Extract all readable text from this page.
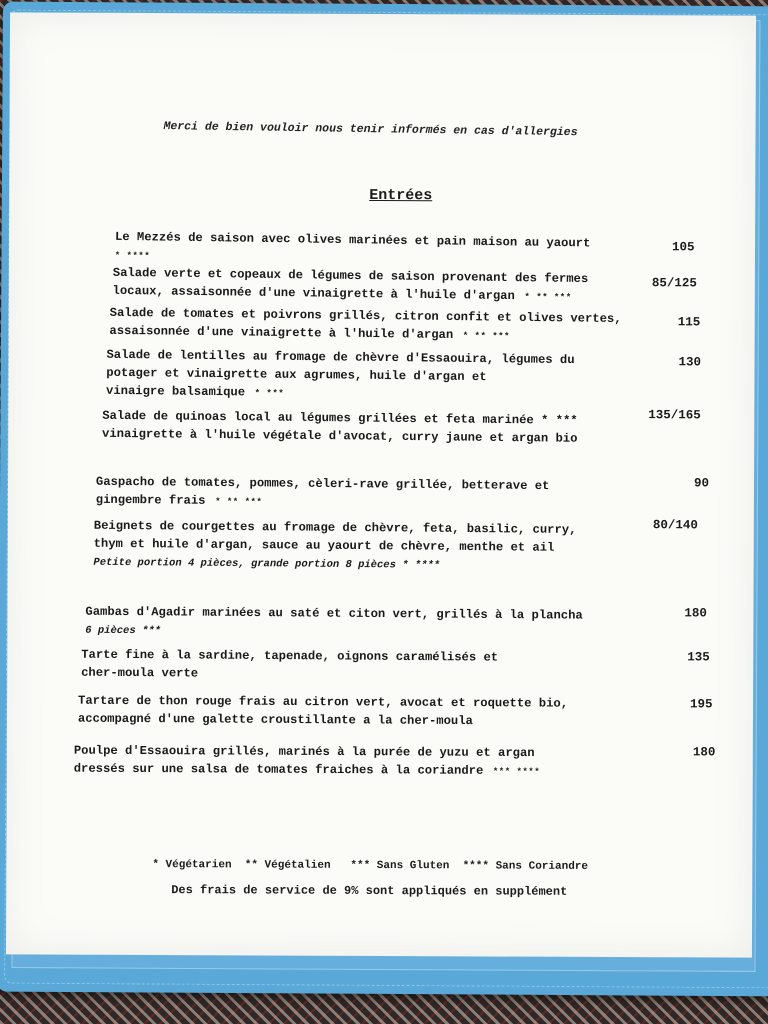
Merci de bien vouloir nous tenir informés en cas d'allergies
Entrées
Le Mezzés de saison avec olives marinées et pain maison au yaourt
* ****
105
Salade verte et copeaux de légumes de saison provenant des fermes
locaux, assaisonnée d'une vinaigrette à l'huile d'argan * ** ***
85/125
Salade de tomates et poivrons grillés, citron confit et olives vertes,
assaisonnée d'une vinaigrette à l'huile d'argan * ** ***
115
Salade de lentilles au fromage de chèvre d'Essaouira, légumes du
potager et vinaigrette aux agrumes, huile d'argan et
vinaigre balsamique * ***
130
Salade de quinoas local au légumes grillées et feta marinée * ***
vinaigrette à l'huile végétale d'avocat, curry jaune et argan bio
135/165
Gaspacho de tomates, pommes, cèleri-rave grillée, betterave et
gingembre frais * ** ***
90
Beignets de courgettes au fromage de chèvre, feta, basilic, curry,
thym et huile d'argan, sauce au yaourt de chèvre, menthe et ail
Petite portion 4 pièces, grande portion 8 pièces * ****
80/140
Gambas d'Agadir marinées au saté et citon vert, grillés à la plancha
6 pièces ***
180
Tarte fine à la sardine, tapenade, oignons caramélisés et
cher-moula verte
135
Tartare de thon rouge frais au citron vert, avocat et roquette bio,
accompagné d'une galette croustillante a la cher-moula
195
Poulpe d'Essaouira grillés, marinés à la purée de yuzu et argan
dressés sur une salsa de tomates fraiches à la coriandre *** ****
180
* Végétarien  ** Végétalien   *** Sans Gluten  **** Sans Coriandre
Des frais de service de 9% sont appliqués en supplément
